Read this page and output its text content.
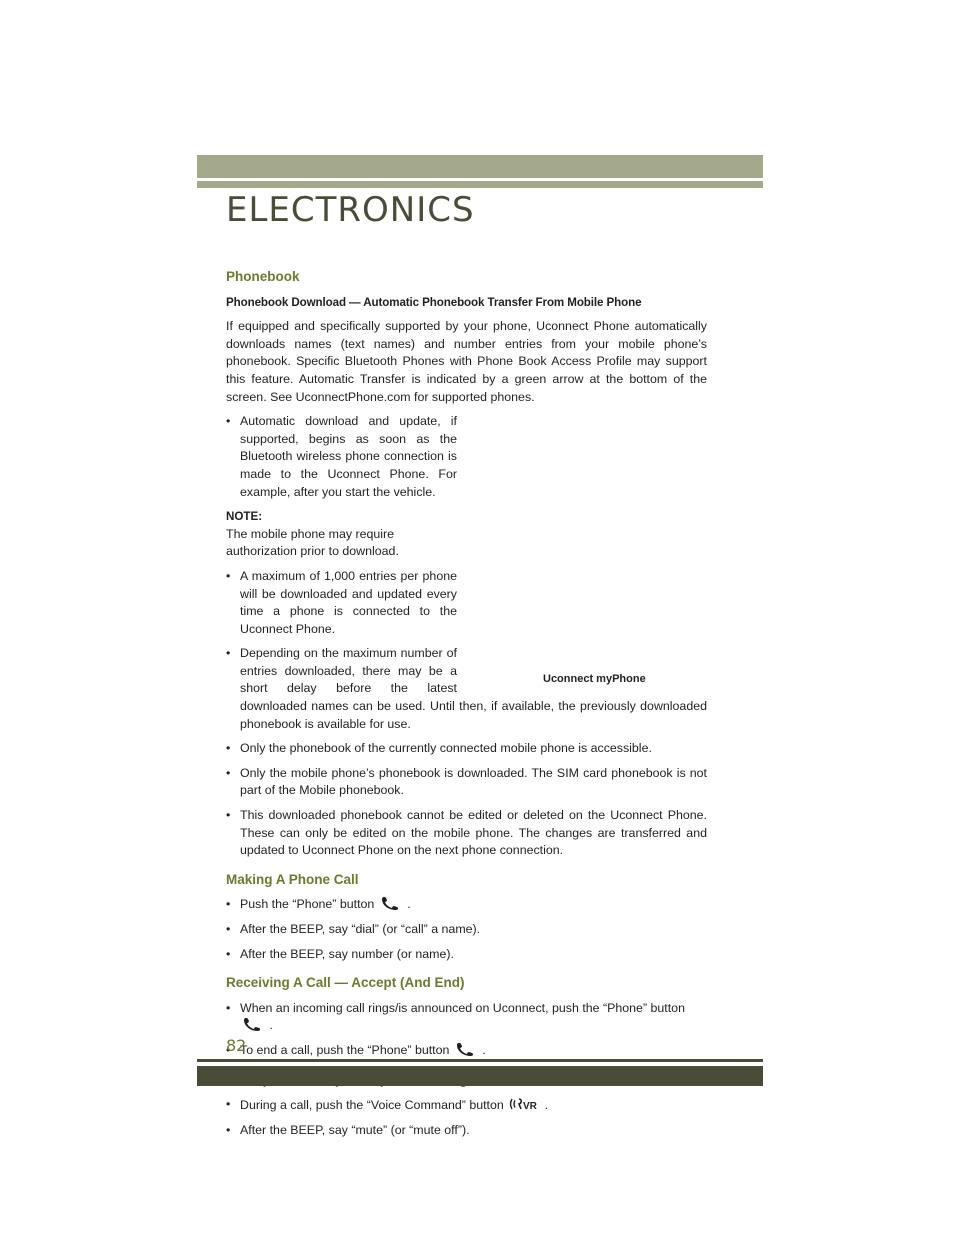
ELECTRONICS
Phonebook
Phonebook Download — Automatic Phonebook Transfer From Mobile Phone

If equipped and specifically supported by your phone, Uconnect Phone automatically downloads names (text names) and number entries from your mobile phone’s phonebook. Specific Bluetooth Phones with Phone Book Access Profile may support this feature. Automatic Transfer is indicated by a green arrow at the bottom of the screen. See UconnectPhone.com for supported phones.

Uconnect myPhone
• Automatic download and update, if supported, begins as soon as the Bluetooth wireless phone connection is made to the Uconnect Phone. For example, after you start the vehicle.

NOTE:

The mobile phone may require authorization prior to download.

• A maximum of 1,000 entries per phone will be downloaded and updated every time a phone is connected to the Uconnect Phone.
• Depending on the maximum number of entries downloaded, there may be a short delay before the latest downloaded names can be used. Until then, if available, the previously downloaded phonebook is available for use.
• Only the phonebook of the currently connected mobile phone is accessible.
• Only the mobile phone’s phonebook is downloaded. The SIM card phonebook is not part of the Mobile phonebook.
• This downloaded phonebook cannot be edited or deleted on the Uconnect Phone. These can only be edited on the mobile phone. The changes are transferred and updated to Uconnect Phone on the next phone connection.
Making A Phone Call
• Push the “Phone” button	.
• After the BEEP, say “dial” (or “call” a name).
• After the BEEP, say number (or name).
Receiving A Call — Accept (And End)
• When an incoming call rings/is announced on Uconnect, push the “Phone” button
.
• To end a call, push the “Phone” button	.
• During a call, push the “Voice Command” button VR .
• After the BEEP, say “mute” (or “mute off”).
82
